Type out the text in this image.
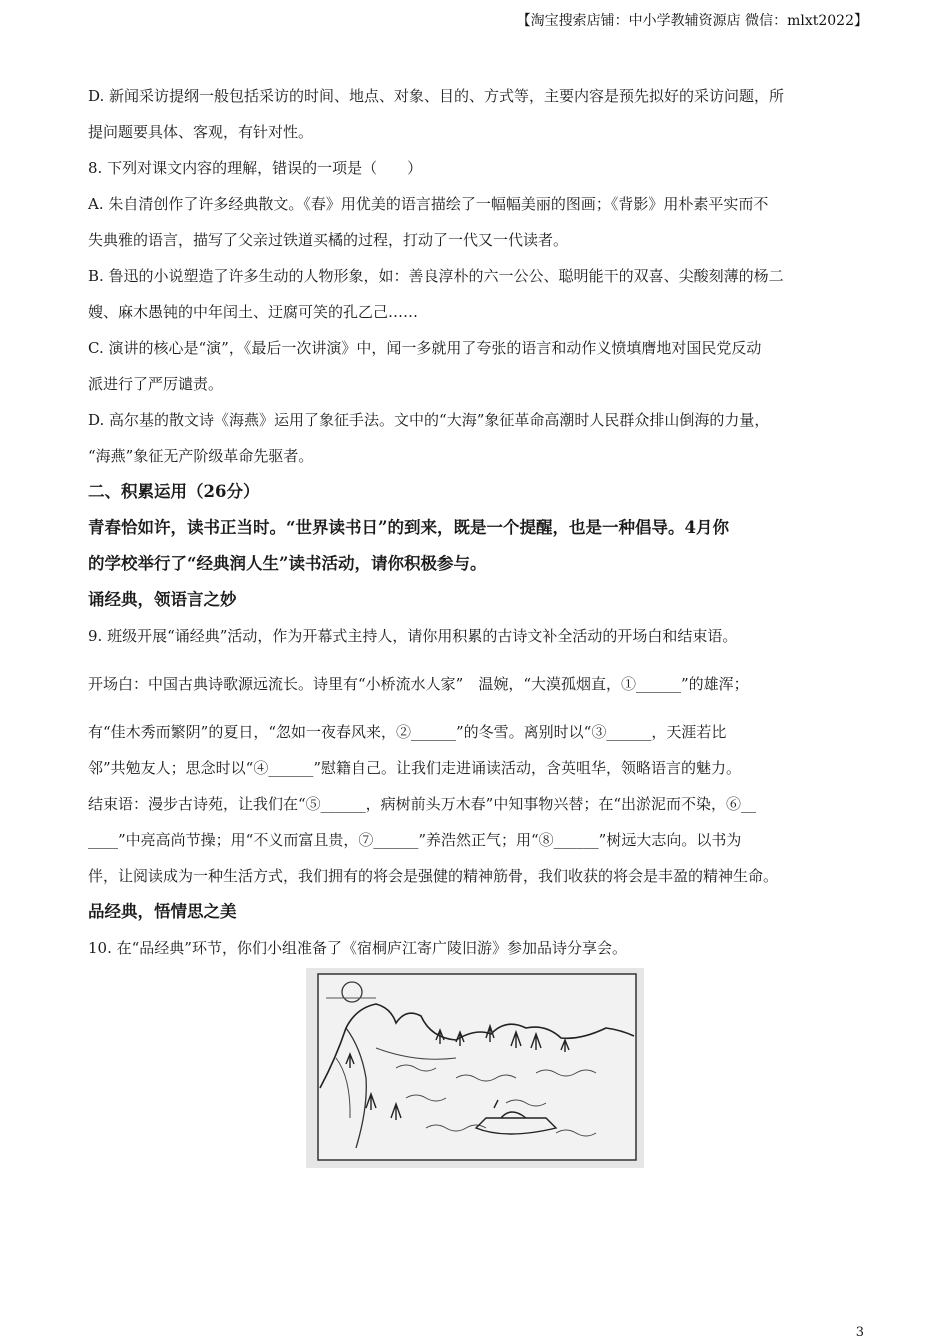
【淘宝搜索店铺：中小学教辅资源店 微信：mlxt2022】

D. 新闻采访提纲一般包括采访的时间、地点、对象、目的、方式等，主要内容是预先拟好的采访问题，所

提问题要具体、客观，有针对性。

8. 下列对课文内容的理解，错误的一项是（　　）

A. 朱自清创作了许多经典散文。《春》用优美的语言描绘了一幅幅美丽的图画；《背影》用朴素平实而不

失典雅的语言，描写了父亲过铁道买橘的过程，打动了一代又一代读者。

B. 鲁迅的小说塑造了许多生动的人物形象，如：善良淳朴的六一公公、聪明能干的双喜、尖酸刻薄的杨二

嫂、麻木愚钝的中年闰土、迂腐可笑的孔乙己……

C. 演讲的核心是“演”，《最后一次讲演》中，闻一多就用了夸张的语言和动作义愤填膺地对国民党反动

派进行了严厉谴责。

D. 高尔基的散文诗《海燕》运用了象征手法。文中的“大海”象征革命高潮时人民群众排山倒海的力量，

“海燕”象征无产阶级革命先驱者。

二、积累运用（26分）

青春恰如许，读书正当时。“世界读书日”的到来，既是一个提醒，也是一种倡导。4月你

的学校举行了“经典润人生”读书活动，请你积极参与。

诵经典，领语言之妙

9. 班级开展“诵经典”活动，作为开幕式主持人，请你用积累的古诗文补全活动的开场白和结束语。

开场白：中国古典诗歌源远流长。诗里有“小桥流水人家”　温婉，“大漠孤烟直，①______”的雄浑；

有“佳木秀而繁阴”的夏日，“忽如一夜春风来，②______”的冬雪。离别时以“③______，天涯若比

邻”共勉友人；思念时以“④______”慰籍自己。让我们走进诵读活动，含英咀华，领略语言的魅力。

结束语：漫步古诗苑，让我们在“⑤______，病树前头万木春”中知事物兴替；在“出淤泥而不染，⑥__

____”中亮高尚节操；用“不义而富且贵，⑦______”养浩然正气；用“⑧______”树远大志向。以书为

伴，让阅读成为一种生活方式，我们拥有的将会是强健的精神筋骨，我们收获的将会是丰盈的精神生命。

品经典，悟情思之美

10. 在“品经典”环节，你们小组准备了《宿桐庐江寄广陵旧游》参加品诗分享会。

3
